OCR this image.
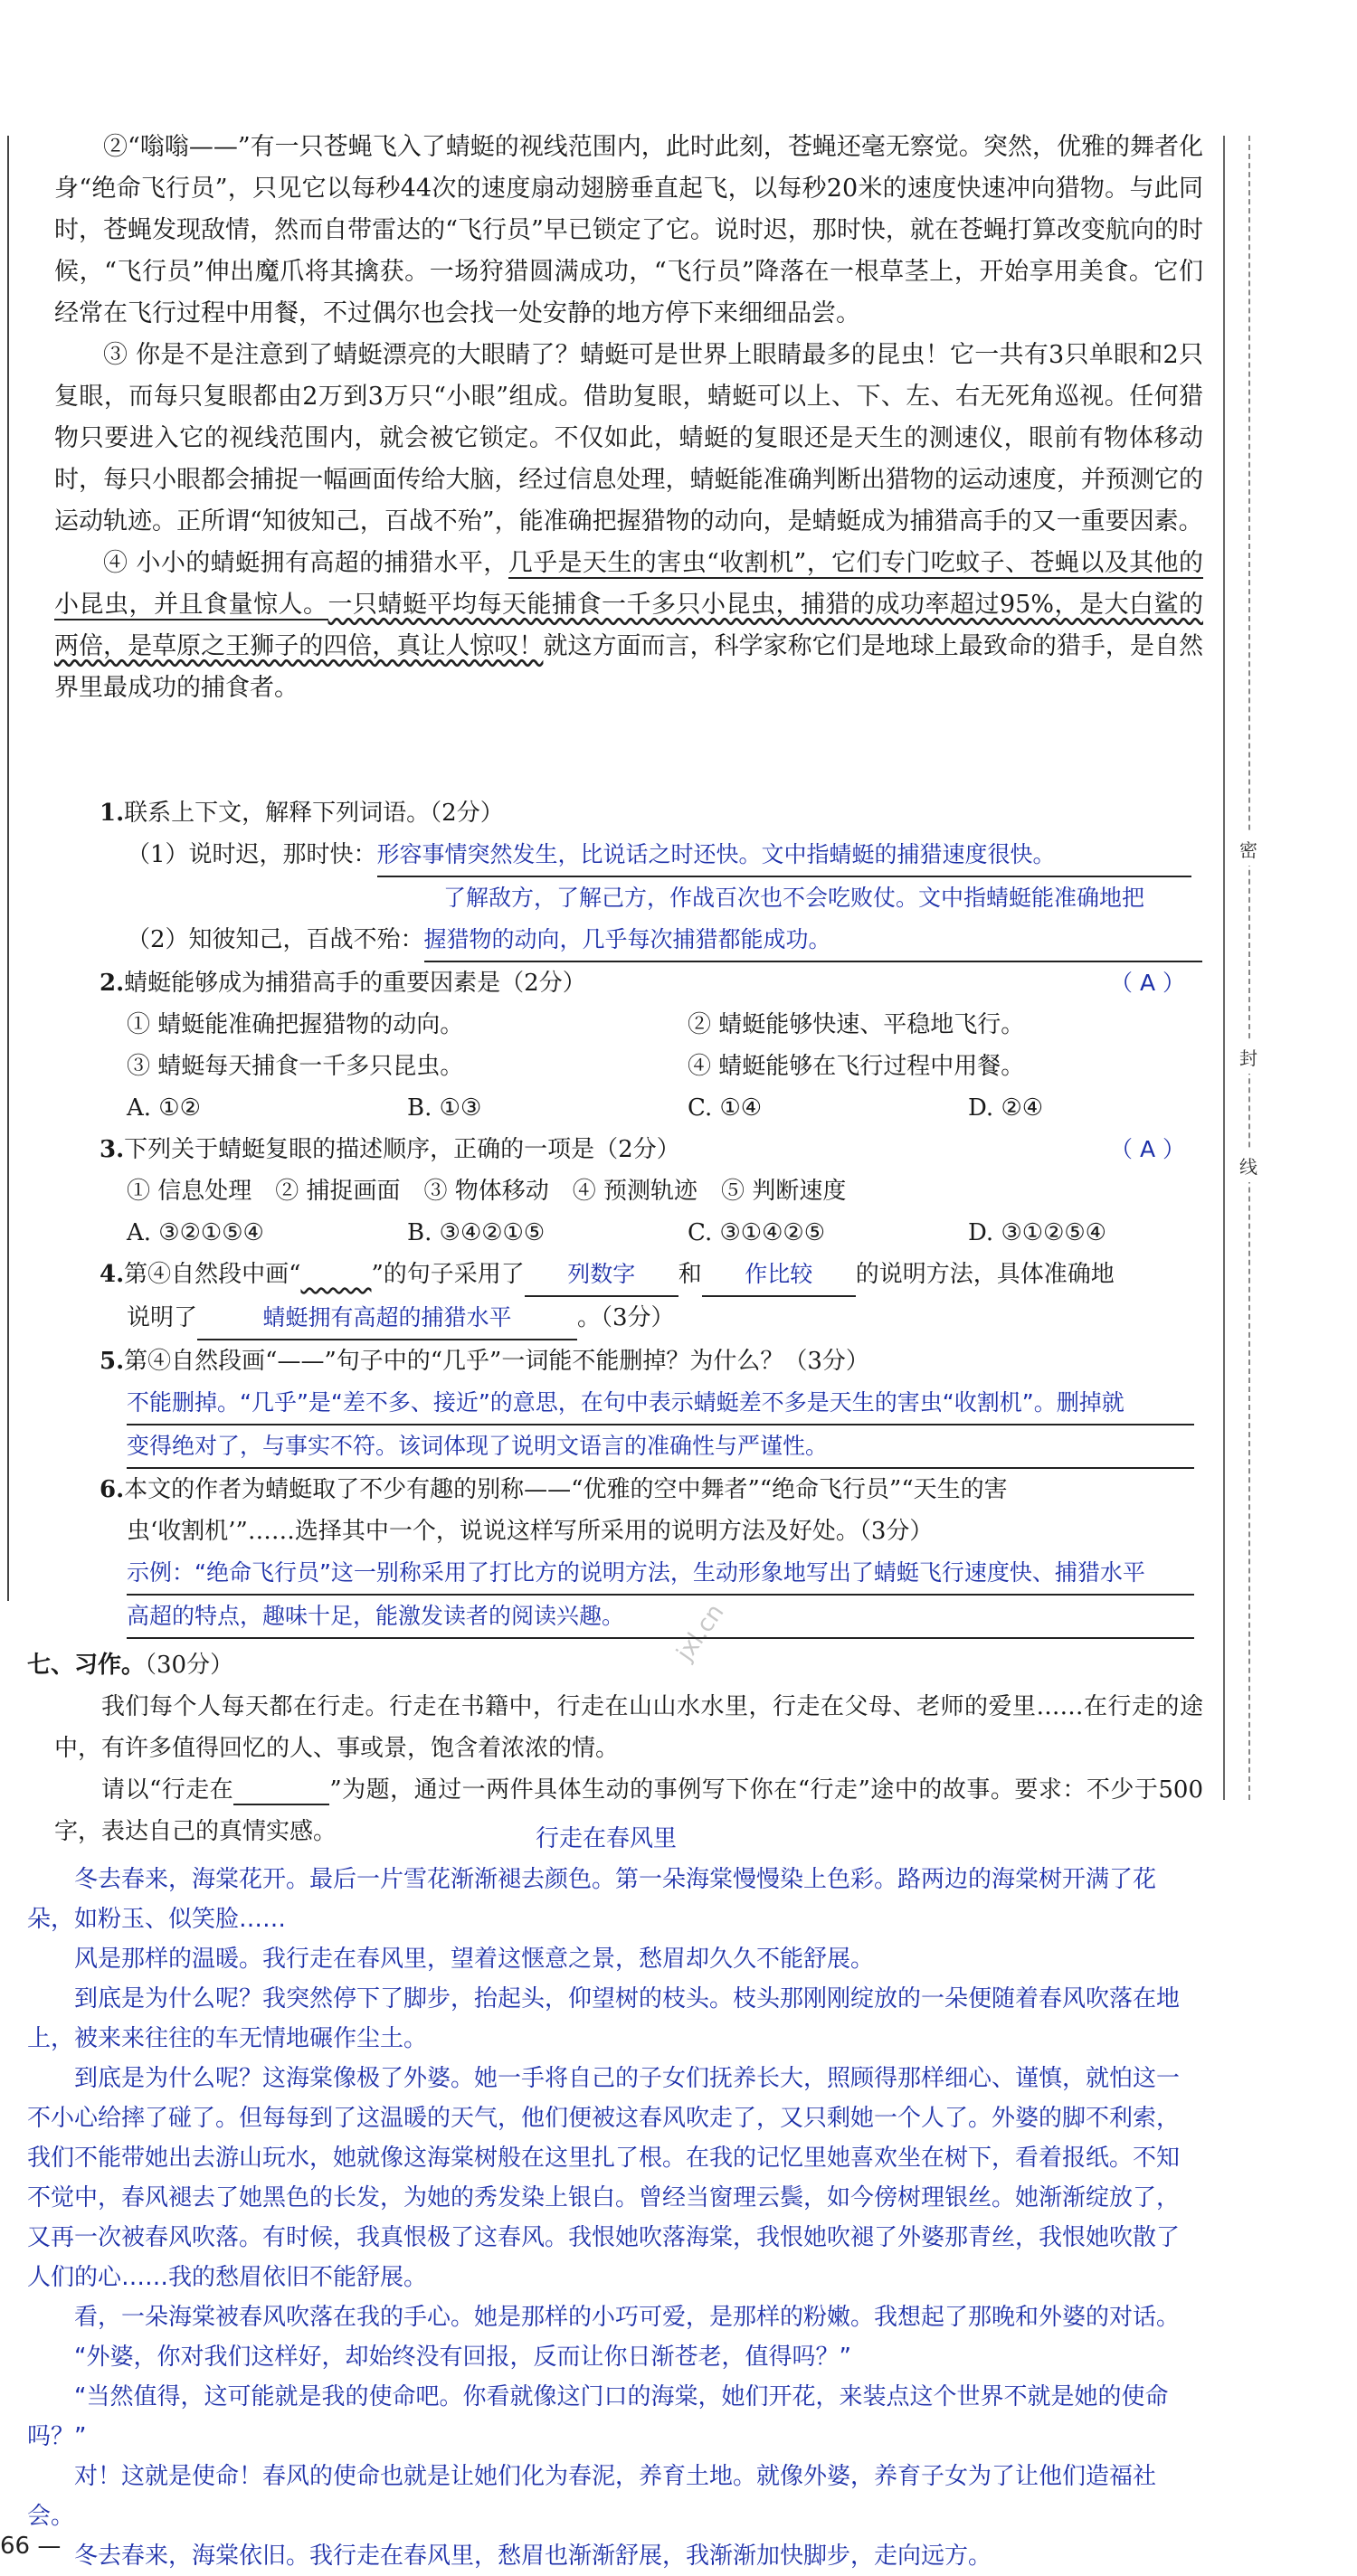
密
封
线
jxl.cn

②“嗡嗡——”有一只苍蝇飞入了蜻蜓的视线范围内，此时此刻，苍蝇还毫无察觉。突然，优雅的舞者化身“绝命飞行员”，只见它以每秒44次的速度扇动翅膀垂直起飞，以每秒20米的速度快速冲向猎物。与此同时，苍蝇发现敌情，然而自带雷达的“飞行员”早已锁定了它。说时迟，那时快，就在苍蝇打算改变航向的时候，“飞行员”伸出魔爪将其擒获。一场狩猎圆满成功，“飞行员”降落在一根草茎上，开始享用美食。它们经常在飞行过程中用餐，不过偶尔也会找一处安静的地方停下来细细品尝。

③ 你是不是注意到了蜻蜓漂亮的大眼睛了？蜻蜓可是世界上眼睛最多的昆虫！它一共有3只单眼和2只复眼，而每只复眼都由2万到3万只“小眼”组成。借助复眼，蜻蜓可以上、下、左、右无死角巡视。任何猎物只要进入它的视线范围内，就会被它锁定。不仅如此，蜻蜓的复眼还是天生的测速仪，眼前有物体移动时，每只小眼都会捕捉一幅画面传给大脑，经过信息处理，蜻蜓能准确判断出猎物的运动速度，并预测它的运动轨迹。正所谓“知彼知己，百战不殆”，能准确把握猎物的动向，是蜻蜓成为捕猎高手的又一重要因素。

④ 小小的蜻蜓拥有高超的捕猎水平，几乎是天生的害虫“收割机”，它们专门吃蚊子、苍蝇以及其他的小昆虫，并且食量惊人。一只蜻蜓平均每天能捕食一千多只小昆虫，捕猎的成功率超过95%，是大白鲨的两倍，是草原之王狮子的四倍，真让人惊叹！就这方面而言，科学家称它们是地球上最致命的猎手，是自然界里最成功的捕食者。

1.联系上下文，解释下列词语。（2分）

（1）说时迟，那时快：形容事情突然发生，比说话之时还快。文中指蜻蜓的捕猎速度很快。

了解敌方，了解己方，作战百次也不会吃败仗。文中指蜻蜓能准确地把

（2）知彼知己，百战不殆：握猎物的动向，几乎每次捕猎都能成功。

2.蜻蜓能够成为捕猎高手的重要因素是（2分）	（ A ）

① 蜻蜓能准确把握猎物的动向。	② 蜻蜓能够快速、平稳地飞行。

③ 蜻蜓每天捕食一千多只昆虫。	④ 蜻蜓能够在飞行过程中用餐。

A. ①②	B. ①③	C. ①④	D. ②④

3.下列关于蜻蜓复眼的描述顺序，正确的一项是（2分）	（ A ）

① 信息处理　② 捕捉画面　③ 物体移动　④ 预测轨迹　⑤ 判断速度

A. ③②①⑤④	B. ③④②①⑤	C. ③①④②⑤	D. ③①②⑤④

4.第④自然段中画“　　　	”的句子采用了 列数字 和 作比较 的说明方法，具体准确地

说明了	蜻蜓拥有高超的捕猎水平	。（3分）

5.第④自然段画“——”句子中的“几乎”一词能不能删掉？为什么？（3分）

不能删掉。“几乎”是“差不多、接近”的意思，在句中表示蜻蜓差不多是天生的害虫“收割机”。删掉就

变得绝对了，与事实不符。该词体现了说明文语言的准确性与严谨性。

6.本文的作者为蜻蜓取了不少有趣的别称——“优雅的空中舞者”“绝命飞行员”“天生的害

虫‘收割机’”……选择其中一个，说说这样写所采用的说明方法及好处。（3分）

示例：“绝命飞行员”这一别称采用了打比方的说明方法，生动形象地写出了蜻蜓飞行速度快、捕猎水平

高超的特点，趣味十足，能激发读者的阅读兴趣。

七、习作。（30分）

我们每个人每天都在行走。行走在书籍中，行走在山山水水里，行走在父母、老师的爱里……在行走的途中，有许多值得回忆的人、事或景，饱含着浓浓的情。

请以“行走在　　　　	”为题，通过一两件具体生动的事例写下你在“行走”途中的故事。要求：不少于500字，表达自己的真情实感。	行走在春风里

冬去春来，海棠花开。最后一片雪花渐渐褪去颜色。第一朵海棠慢慢染上色彩。路两边的海棠树开满了花朵，如粉玉、似笑脸……

风是那样的温暖。我行走在春风里，望着这惬意之景，愁眉却久久不能舒展。

到底是为什么呢？我突然停下了脚步，抬起头，仰望树的枝头。枝头那刚刚绽放的一朵便随着春风吹落在地上，被来来往往的车无情地碾作尘土。

到底是为什么呢？这海棠像极了外婆。她一手将自己的子女们抚养长大，照顾得那样细心、谨慎，就怕这一不小心给摔了碰了。但每每到了这温暖的天气，他们便被这春风吹走了，又只剩她一个人了。外婆的脚不利索，我们不能带她出去游山玩水，她就像这海棠树般在这里扎了根。在我的记忆里她喜欢坐在树下，看着报纸。不知不觉中，春风褪去了她黑色的长发，为她的秀发染上银白。曾经当窗理云鬓，如今傍树理银丝。她渐渐绽放了，又再一次被春风吹落。有时候，我真恨极了这春风。我恨她吹落海棠，我恨她吹褪了外婆那青丝，我恨她吹散了人们的心……我的愁眉依旧不能舒展。

看，一朵海棠被春风吹落在我的手心。她是那样的小巧可爱，是那样的粉嫩。我想起了那晚和外婆的对话。

“外婆，你对我们这样好，却始终没有回报，反而让你日渐苍老，值得吗？”

“当然值得，这可能就是我的使命吧。你看就像这门口的海棠，她们开花，来装点这个世界不就是她的使命吗？”

对！这就是使命！春风的使命也就是让她们化为春泥，养育土地。就像外婆，养育子女为了让他们造福社会。

冬去春来，海棠依旧。我行走在春风里，愁眉也渐渐舒展，我渐渐加快脚步，走向远方。

66 —
